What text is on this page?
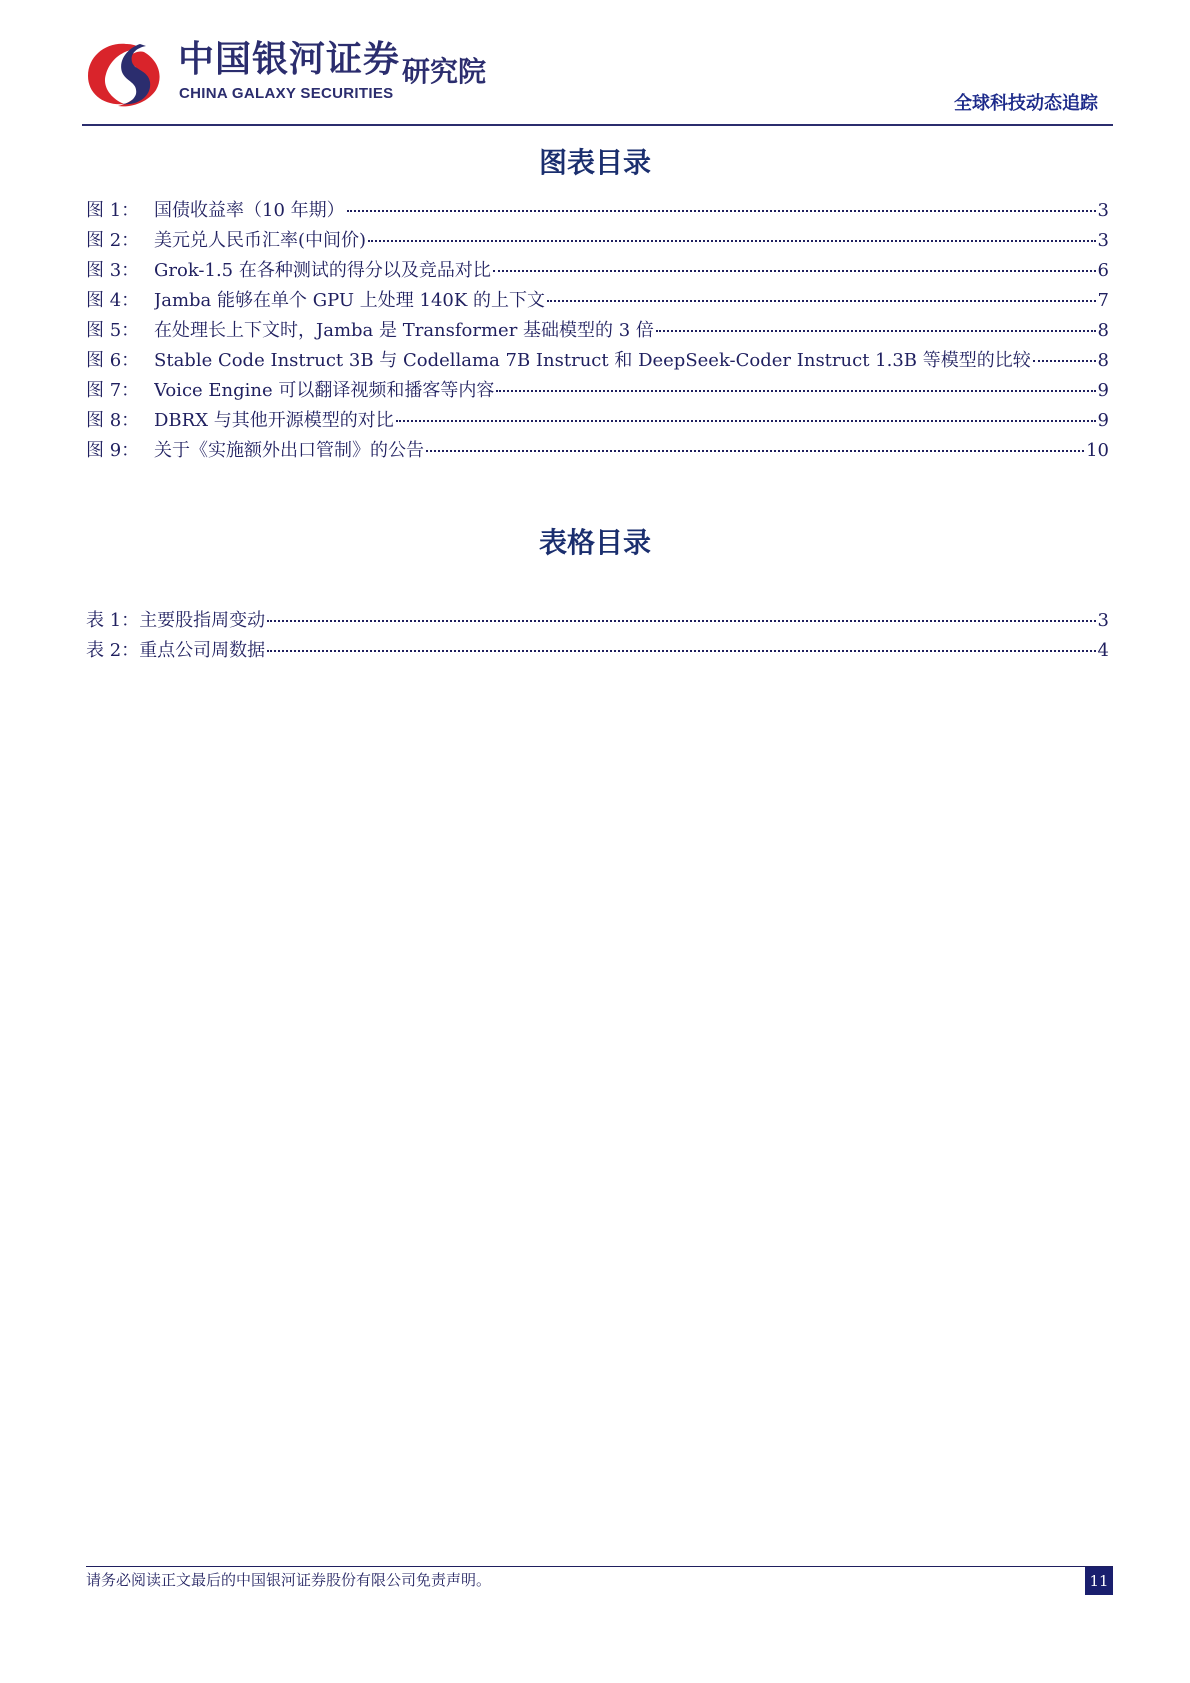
中国银河证券
CHINA GALAXY SECURITIES
研究院
全球科技动态追踪
图表目录
图 1： 国债收益率（10 年期）	3
图 2： 美元兑人民币汇率(中间价)	3
图 3： Grok-1.5 在各种测试的得分以及竞品对比	6
图 4： Jamba 能够在单个 GPU 上处理 140K 的上下文	7
图 5： 在处理长上下文时，Jamba 是 Transformer 基础模型的 3 倍	8
图 6： Stable Code Instruct 3B 与 Codellama 7B Instruct 和 DeepSeek-Coder Instruct 1.3B 等模型的比较	8
图 7： Voice Engine 可以翻译视频和播客等内容	9
图 8： DBRX 与其他开源模型的对比	9
图 9： 关于《实施额外出口管制》的公告	10
表格目录
表 1： 主要股指周变动	3
表 2： 重点公司周数据	4
请务必阅读正文最后的中国银河证券股份有限公司免责声明。	11
